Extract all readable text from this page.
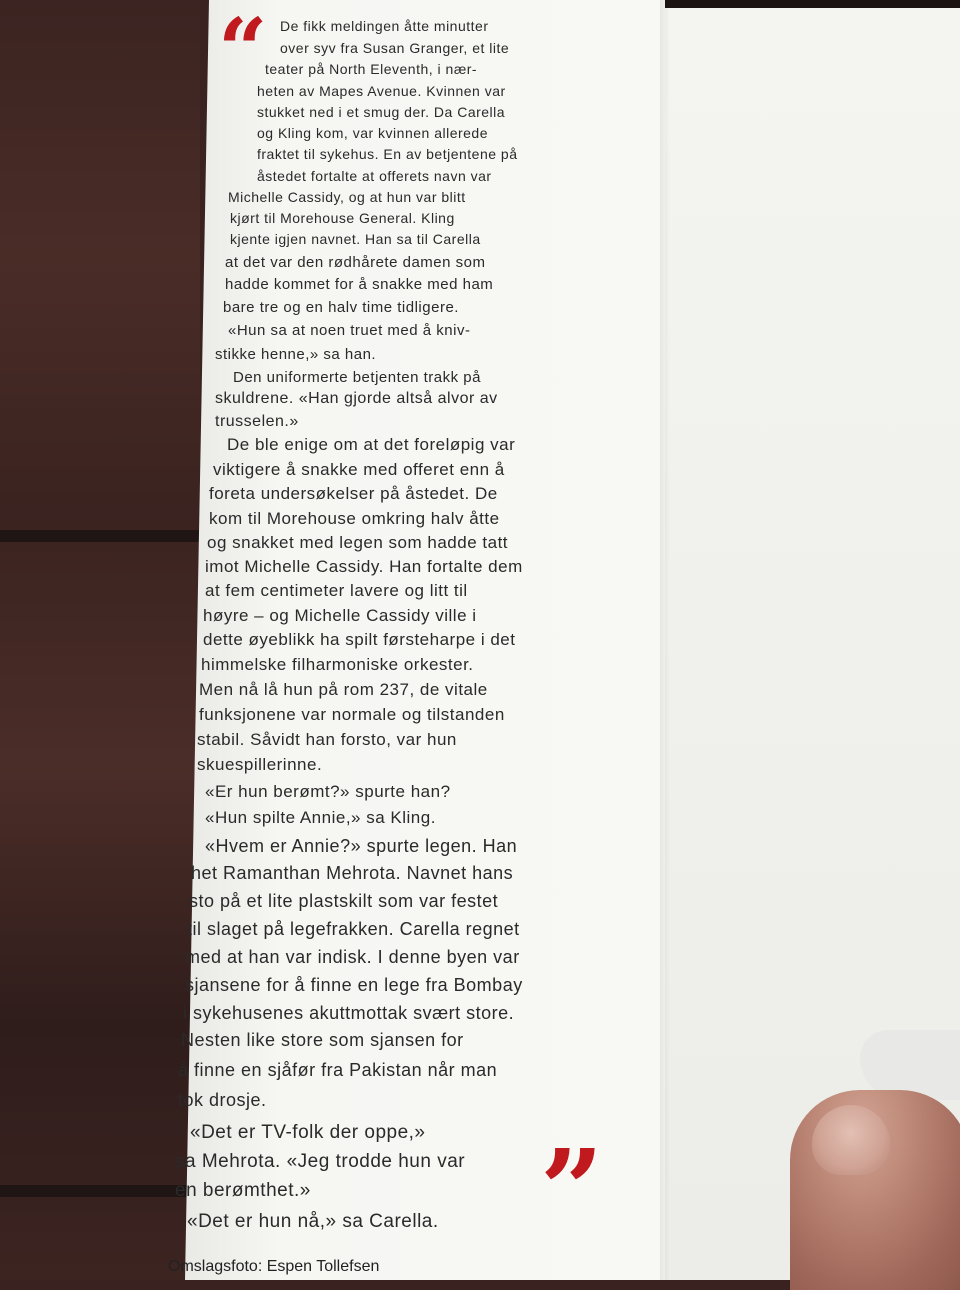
“ De fikk meldingen åtte minutter
over syv fra Susan Granger, et lite
teater på North Eleventh, i nær-
heten av Mapes Avenue. Kvinnen var
stukket ned i et smug der. Da Carella
og Kling kom, var kvinnen allerede
fraktet til sykehus. En av betjentene på
åstedet fortalte at offerets navn var
Michelle Cassidy, og at hun var blitt
kjørt til Morehouse General. Kling
kjente igjen navnet. Han sa til Carella
at det var den rødhårete damen som
hadde kommet for å snakke med ham
bare tre og en halv time tidligere.
«Hun sa at noen truet med å kniv-
stikke henne,» sa han.
Den uniformerte betjenten trakk på
skuldrene. «Han gjorde altså alvor av
trusselen.»
De ble enige om at det foreløpig var
viktigere å snakke med offeret enn å
foreta undersøkelser på åstedet. De
kom til Morehouse omkring halv åtte
og snakket med legen som hadde tatt
imot Michelle Cassidy. Han fortalte dem
at fem centimeter lavere og litt til
høyre – og Michelle Cassidy ville i
dette øyeblikk ha spilt førsteharpe i det
himmelske filharmoniske orkester.
Men nå lå hun på rom 237, de vitale
funksjonene var normale og tilstanden
stabil. Såvidt han forsto, var hun
skuespillerinne.
«Er hun berømt?» spurte han?
«Hun spilte Annie,» sa Kling.
«Hvem er Annie?» spurte legen. Han
het Ramanthan Mehrota. Navnet hans
sto på et lite plastskilt som var festet
til slaget på legefrakken. Carella regnet
med at han var indisk. I denne byen var
sjansene for å finne en lege fra Bombay
i sykehusenes akuttmottak svært store.
Nesten like store som sjansen for
å finne en sjåfør fra Pakistan når man
tok drosje.
«Det er TV-folk der oppe,»
sa Mehrota. «Jeg trodde hun var
en berømthet.»
«Det er hun nå,» sa Carella. ”
Omslagsfoto: Espen Tollefsen
